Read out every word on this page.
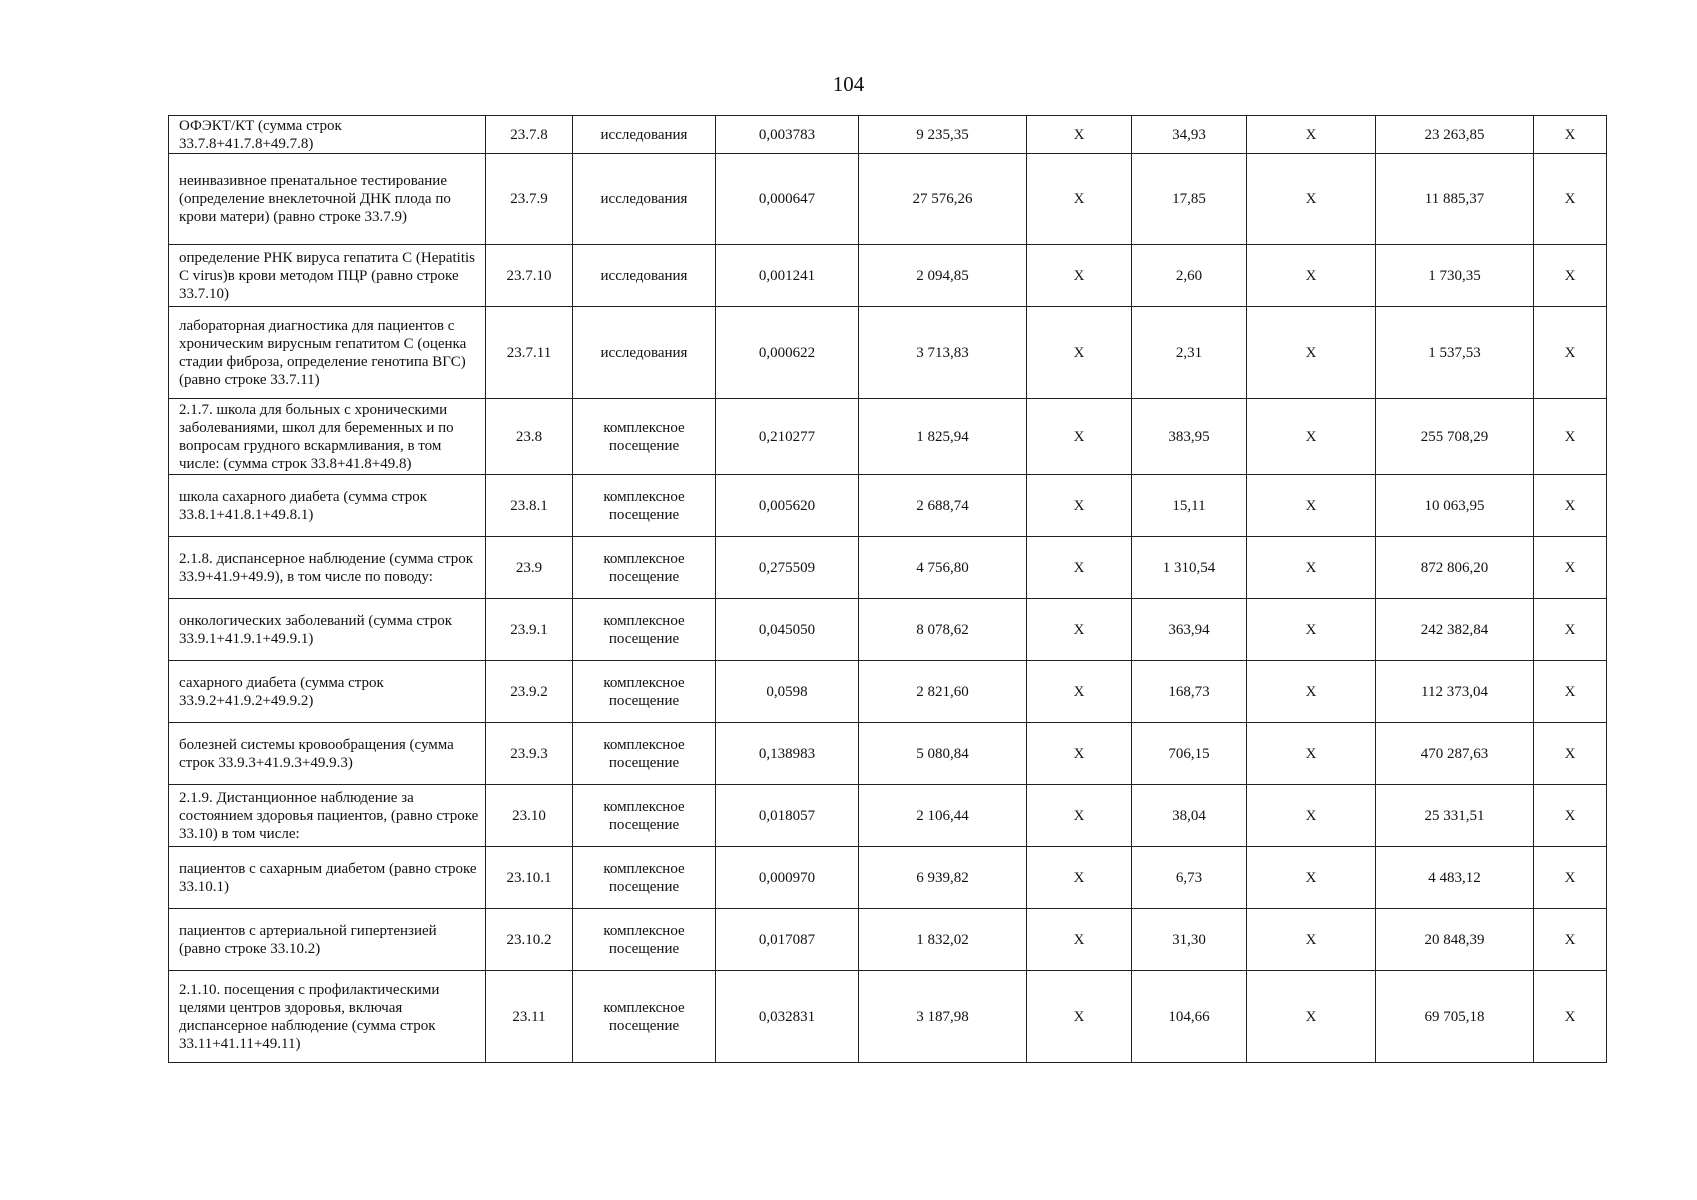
104
ОФЭКТ/КТ (сумма строк 33.7.8+41.7.8+49.7.8)	23.7.8	исследования	0,003783	9 235,35	Х	34,93	Х	23 263,85	Х
неинвазивное пренатальное тестирование (определение внеклеточной ДНК плода по крови матери) (равно строке 33.7.9)	23.7.9	исследования	0,000647	27 576,26	Х	17,85	Х	11 885,37	Х
определение РНК вируса гепатита С (Hepatitis C virus)в крови методом ПЦР (равно строке 33.7.10)	23.7.10	исследования	0,001241	2 094,85	Х	2,60	Х	1 730,35	Х
лабораторная диагностика для пациентов с хроническим вирусным гепатитом С (оценка стадии фиброза, определение генотипа ВГС) (равно строке 33.7.11)	23.7.11	исследования	0,000622	3 713,83	Х	2,31	Х	1 537,53	Х
2.1.7. школа для больных с хроническими заболеваниями, школ для беременных и по вопросам грудного вскармливания, в том числе: (сумма строк 33.8+41.8+49.8)	23.8	комплексное посещение	0,210277	1 825,94	Х	383,95	Х	255 708,29	Х
школа сахарного диабета (сумма строк 33.8.1+41.8.1+49.8.1)	23.8.1	комплексное посещение	0,005620	2 688,74	Х	15,11	Х	10 063,95	Х
2.1.8. диспансерное наблюдение (сумма строк 33.9+41.9+49.9), в том числе по поводу:	23.9	комплексное посещение	0,275509	4 756,80	Х	1 310,54	Х	872 806,20	Х
онкологических заболеваний (сумма строк 33.9.1+41.9.1+49.9.1)	23.9.1	комплексное посещение	0,045050	8 078,62	Х	363,94	Х	242 382,84	Х
сахарного диабета (сумма строк 33.9.2+41.9.2+49.9.2)	23.9.2	комплексное посещение	0,0598	2 821,60	Х	168,73	Х	112 373,04	Х
болезней системы кровообращения (сумма строк 33.9.3+41.9.3+49.9.3)	23.9.3	комплексное посещение	0,138983	5 080,84	Х	706,15	Х	470 287,63	Х
2.1.9. Дистанционное наблюдение за состоянием здоровья пациентов, (равно строке 33.10) в том числе:	23.10	комплексное посещение	0,018057	2 106,44	Х	38,04	Х	25 331,51	Х
пациентов с сахарным диабетом (равно строке 33.10.1)	23.10.1	комплексное посещение	0,000970	6 939,82	Х	6,73	Х	4 483,12	Х
пациентов с артериальной гипертензией (равно строке 33.10.2)	23.10.2	комплексное посещение	0,017087	1 832,02	Х	31,30	Х	20 848,39	Х
2.1.10. посещения с профилактическими целями центров здоровья, включая диспансерное наблюдение (сумма строк 33.11+41.11+49.11)	23.11	комплексное посещение	0,032831	3 187,98	Х	104,66	Х	69 705,18	Х
